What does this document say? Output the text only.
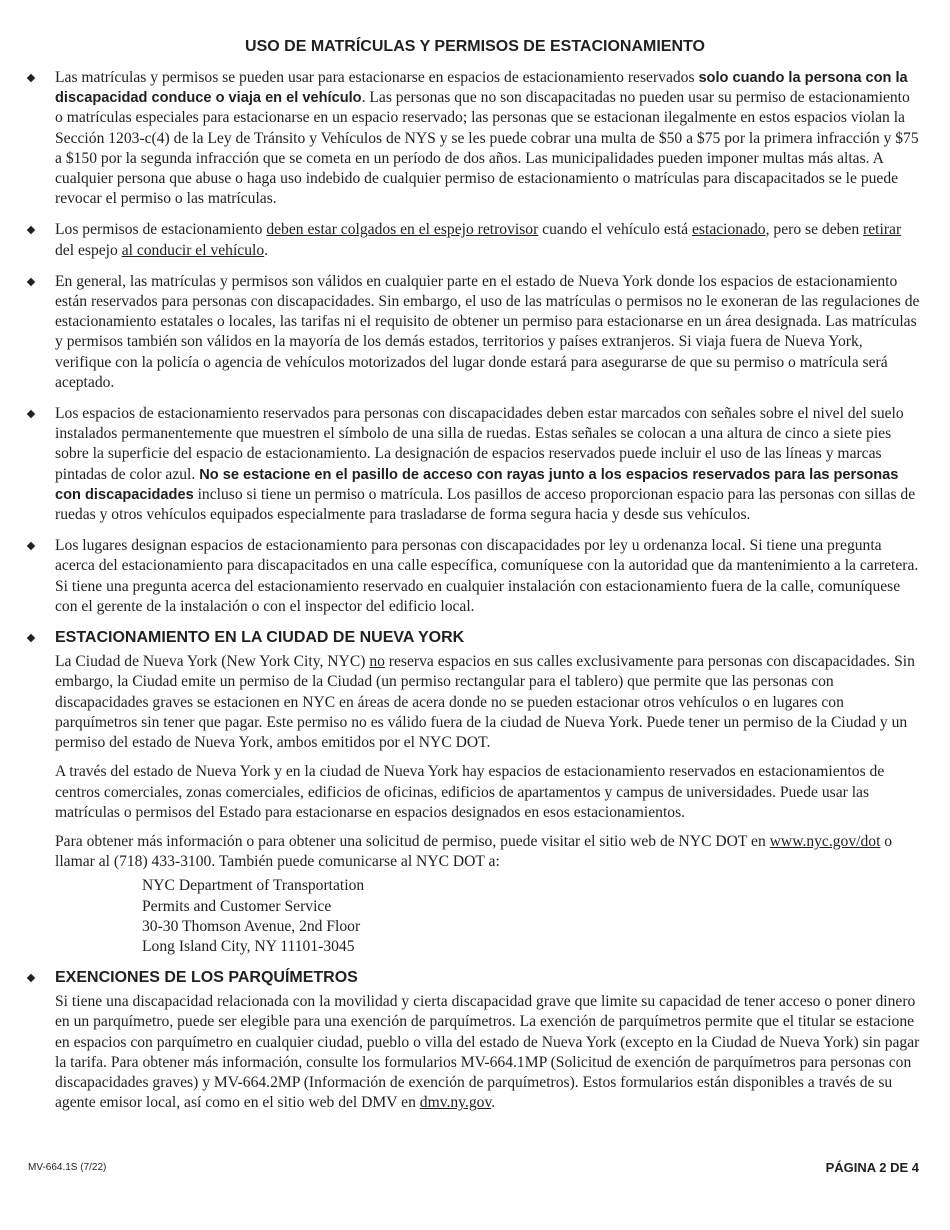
USO DE MATRÍCULAS Y PERMISOS DE ESTACIONAMIENTO
Las matrículas y permisos se pueden usar para estacionarse en espacios de estacionamiento reservados solo cuando la persona con la discapacidad conduce o viaja en el vehículo. Las personas que no son discapacitadas no pueden usar su permiso de estacionamiento o matrículas especiales para estacionarse en un espacio reservado; las personas que se estacionan ilegalmente en estos espacios violan la Sección 1203-c(4) de la Ley de Tránsito y Vehículos de NYS y se les puede cobrar una multa de $50 a $75 por la primera infracción y $75 a $150 por la segunda infracción que se cometa en un período de dos años. Las municipalidades pueden imponer multas más altas. A cualquier persona que abuse o haga uso indebido de cualquier permiso de estacionamiento o matrículas para discapacitados se le puede revocar el permiso o las matrículas.
Los permisos de estacionamiento deben estar colgados en el espejo retrovisor cuando el vehículo está estacionado, pero se deben retirar del espejo al conducir el vehículo.
En general, las matrículas y permisos son válidos en cualquier parte en el estado de Nueva York donde los espacios de estacionamiento están reservados para personas con discapacidades. Sin embargo, el uso de las matrículas o permisos no le exoneran de las regulaciones de estacionamiento estatales o locales, las tarifas ni el requisito de obtener un permiso para estacionarse en un área designada. Las matrículas y permisos también son válidos en la mayoría de los demás estados, territorios y países extranjeros. Si viaja fuera de Nueva York, verifique con la policía o agencia de vehículos motorizados del lugar donde estará para asegurarse de que su permiso o matrícula será aceptado.
Los espacios de estacionamiento reservados para personas con discapacidades deben estar marcados con señales sobre el nivel del suelo instalados permanentemente que muestren el símbolo de una silla de ruedas. Estas señales se colocan a una altura de cinco a siete pies sobre la superficie del espacio de estacionamiento. La designación de espacios reservados puede incluir el uso de las líneas y marcas pintadas de color azul. No se estacione en el pasillo de acceso con rayas junto a los espacios reservados para las personas con discapacidades incluso si tiene un permiso o matrícula. Los pasillos de acceso proporcionan espacio para las personas con sillas de ruedas y otros vehículos equipados especialmente para trasladarse de forma segura hacia y desde sus vehículos.
Los lugares designan espacios de estacionamiento para personas con discapacidades por ley u ordenanza local. Si tiene una pregunta acerca del estacionamiento para discapacitados en una calle específica, comuníquese con la autoridad que da mantenimiento a la carretera. Si tiene una pregunta acerca del estacionamiento reservado en cualquier instalación con estacionamiento fuera de la calle, comuníquese con el gerente de la instalación o con el inspector del edificio local.
ESTACIONAMIENTO EN LA CIUDAD DE NUEVA YORK
La Ciudad de Nueva York (New York City, NYC) no reserva espacios en sus calles exclusivamente para personas con discapacidades. Sin embargo, la Ciudad emite un permiso de la Ciudad (un permiso rectangular para el tablero) que permite que las personas con discapacidades graves se estacionen en NYC en áreas de acera donde no se pueden estacionar otros vehículos o en lugares con parquímetros sin tener que pagar. Este permiso no es válido fuera de la ciudad de Nueva York. Puede tener un permiso de la Ciudad y un permiso del estado de Nueva York, ambos emitidos por el NYC DOT.
A través del estado de Nueva York y en la ciudad de Nueva York hay espacios de estacionamiento reservados en estacionamientos de centros comerciales, zonas comerciales, edificios de oficinas, edificios de apartamentos y campus de universidades. Puede usar las matrículas o permisos del Estado para estacionarse en espacios designados en esos estacionamientos.
Para obtener más información o para obtener una solicitud de permiso, puede visitar el sitio web de NYC DOT en www.nyc.gov/dot o llamar al (718) 433-3100. También puede comunicarse al NYC DOT a:
NYC Department of Transportation
Permits and Customer Service
30-30 Thomson Avenue, 2nd Floor
Long Island City, NY 11101-3045
EXENCIONES DE LOS PARQUÍMETROS
Si tiene una discapacidad relacionada con la movilidad y cierta discapacidad grave que limite su capacidad de tener acceso o poner dinero en un parquímetro, puede ser elegible para una exención de parquímetros. La exención de parquímetros permite que el titular se estacione en espacios con parquímetro en cualquier ciudad, pueblo o villa del estado de Nueva York (excepto en la Ciudad de Nueva York) sin pagar la tarifa. Para obtener más información, consulte los formularios MV-664.1MP (Solicitud de exención de parquímetros para personas con discapacidades graves) y MV-664.2MP (Información de exención de parquímetros). Estos formularios están disponibles a través de su agente emisor local, así como en el sitio web del DMV en dmv.ny.gov.
MV-664.1S (7/22)	PÁGINA 2 DE 4
